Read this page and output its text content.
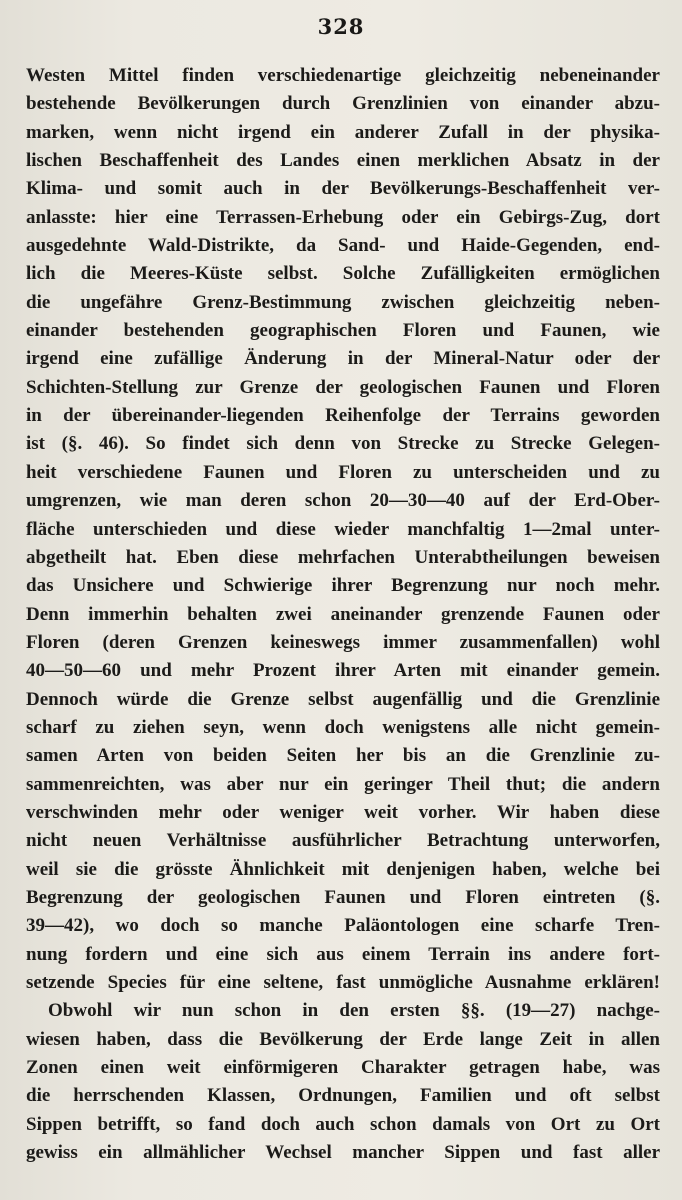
328
Westen Mittel finden verschiedenartige gleichzeitig nebeneinander
bestehende Bevölkerungen durch Grenzlinien von einander abzu-
marken, wenn nicht irgend ein anderer Zufall in der physika-
lischen Beschaffenheit des Landes einen merklichen Absatz in der
Klima- und somit auch in der Bevölkerungs-Beschaffenheit ver-
anlasste: hier eine Terrassen-Erhebung oder ein Gebirgs-Zug, dort
ausgedehnte Wald-Distrikte, da Sand- und Haide-Gegenden, end-
lich die Meeres-Küste selbst. Solche Zufälligkeiten ermöglichen
die ungefähre Grenz-Bestimmung zwischen gleichzeitig neben-
einander bestehenden geographischen Floren und Faunen, wie
irgend eine zufällige Änderung in der Mineral-Natur oder der
Schichten-Stellung zur Grenze der geologischen Faunen und Floren
in der übereinander-liegenden Reihenfolge der Terrains geworden
ist (§. 46). So findet sich denn von Strecke zu Strecke Gelegen-
heit verschiedene Faunen und Floren zu unterscheiden und zu
umgrenzen, wie man deren schon 20—30—40 auf der Erd-Ober-
fläche unterschieden und diese wieder manchfaltig 1—2mal unter-
abgetheilt hat. Eben diese mehrfachen Unterabtheilungen beweisen
das Unsichere und Schwierige ihrer Begrenzung nur noch mehr.
Denn immerhin behalten zwei aneinander grenzende Faunen oder
Floren (deren Grenzen keineswegs immer zusammenfallen) wohl
40—50—60 und mehr Prozent ihrer Arten mit einander gemein.
Dennoch würde die Grenze selbst augenfällig und die Grenzlinie
scharf zu ziehen seyn, wenn doch wenigstens alle nicht gemein-
samen Arten von beiden Seiten her bis an die Grenzlinie zu-
sammenreichten, was aber nur ein geringer Theil thut; die andern
verschwinden mehr oder weniger weit vorher. Wir haben diese
nicht neuen Verhältnisse ausführlicher Betrachtung unterworfen,
weil sie die grösste Ähnlichkeit mit denjenigen haben, welche bei
Begrenzung der geologischen Faunen und Floren eintreten (§.
39—42), wo doch so manche Paläontologen eine scharfe Tren-
nung fordern und eine sich aus einem Terrain ins andere fort-
setzende Species für eine seltene, fast unmögliche Ausnahme erklären!
Obwohl wir nun schon in den ersten §§. (19—27) nachge-
wiesen haben, dass die Bevölkerung der Erde lange Zeit in allen
Zonen einen weit einförmigeren Charakter getragen habe, was
die herrschenden Klassen, Ordnungen, Familien und oft selbst
Sippen betrifft, so fand doch auch schon damals von Ort zu Ort
gewiss ein allmählicher Wechsel mancher Sippen und fast aller
